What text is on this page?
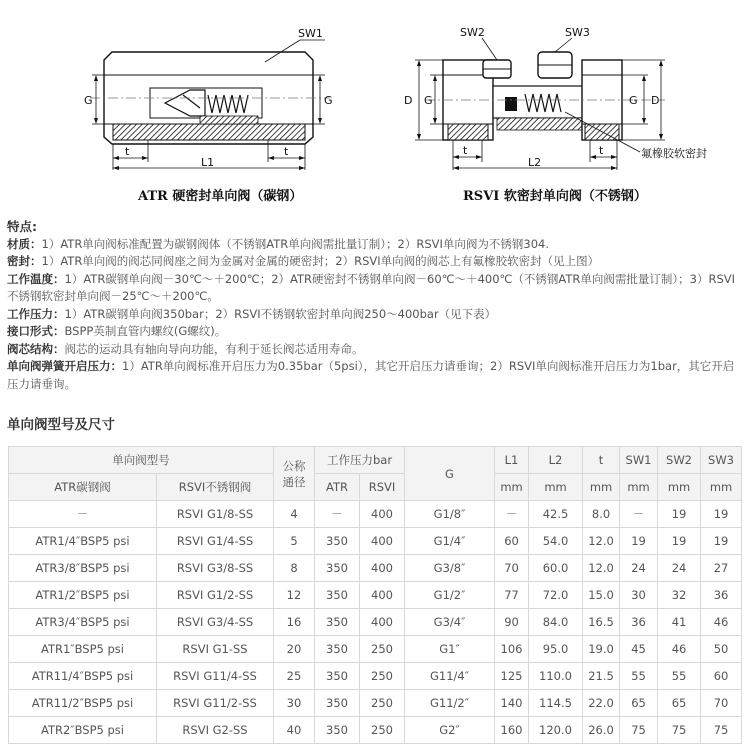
SW1
G	G
t	t
L1
SW2	SW3
D G	G D
t	t
L2
氟橡胶软密封
ATR 硬密封单向阀（碳钢）	RSVI 软密封单向阀（不锈钢）
特点:
材质：1）ATR单向阀标准配置为碳钢阀体（不锈钢ATR单向阀需批量订制）；2）RSVI单向阀为不锈钢304.
密封：1）ATR单向阀的阀芯同阀座之间为金属对金属的硬密封；2）RSVI单向阀的阀芯上有氟橡胶软密封（见上图）
工作温度：1）ATR碳钢单向阀－30℃～＋200℃；2）ATR硬密封不锈钢单向阀－60℃～＋400℃（不锈钢ATR单向阀需批量订制）；3）RSVI不锈钢软密封单向阀－25℃～＋200℃。
工作压力：1）ATR碳钢单向阀350bar；2）RSVI不锈钢软密封单向阀250～400bar（见下表）
接口形式：BSPP英制直管内螺纹(G螺纹)。
阀芯结构：阀芯的运动具有轴向导向功能，有利于延长阀芯适用寿命。
单向阀弹簧开启压力：1）ATR单向阀标准开启压力为0.35bar（5psi），其它开启压力请垂询；2）RSVI单向阀标准开启压力为1bar，其它开启压力请垂询。
单向阀型号及尺寸
单向阀型号		公称通径	工作压力bar		G	L1	L2	t	SW1	SW2	SW3
ATR碳钢阀	RSVI不锈钢阀		ATR	RSVI		mm	mm	mm	mm	mm	mm
－	RSVI G1/8-SS	4	－	400	G1/8″	－	42.5	8.0	－	19	19
ATR1/4″BSP5 psi	RSVI G1/4-SS	5	350	400	G1/4″	60	54.0	12.0	19	19	19
ATR3/8″BSP5 psi	RSVI G3/8-SS	8	350	400	G3/8″	70	60.0	12.0	24	24	27
ATR1/2″BSP5 psi	RSVI G1/2-SS	12	350	400	G1/2″	77	72.0	15.0	30	32	36
ATR3/4″BSP5 psi	RSVI G3/4-SS	16	350	400	G3/4″	90	84.0	16.5	36	41	46
ATR1″BSP5 psi	RSVI G1-SS	20	350	250	G1″	106	95.0	19.0	45	46	50
ATR11/4″BSP5 psi	RSVI G11/4-SS	25	350	250	G11/4″	125	110.0	21.5	55	55	60
ATR11/2″BSP5 psi	RSVI G11/2-SS	30	350	250	G11/2″	140	114.5	22.0	65	65	70
ATR2″BSP5 psi	RSVI G2-SS	40	350	250	G2″	160	120.0	26.0	75	75	75
